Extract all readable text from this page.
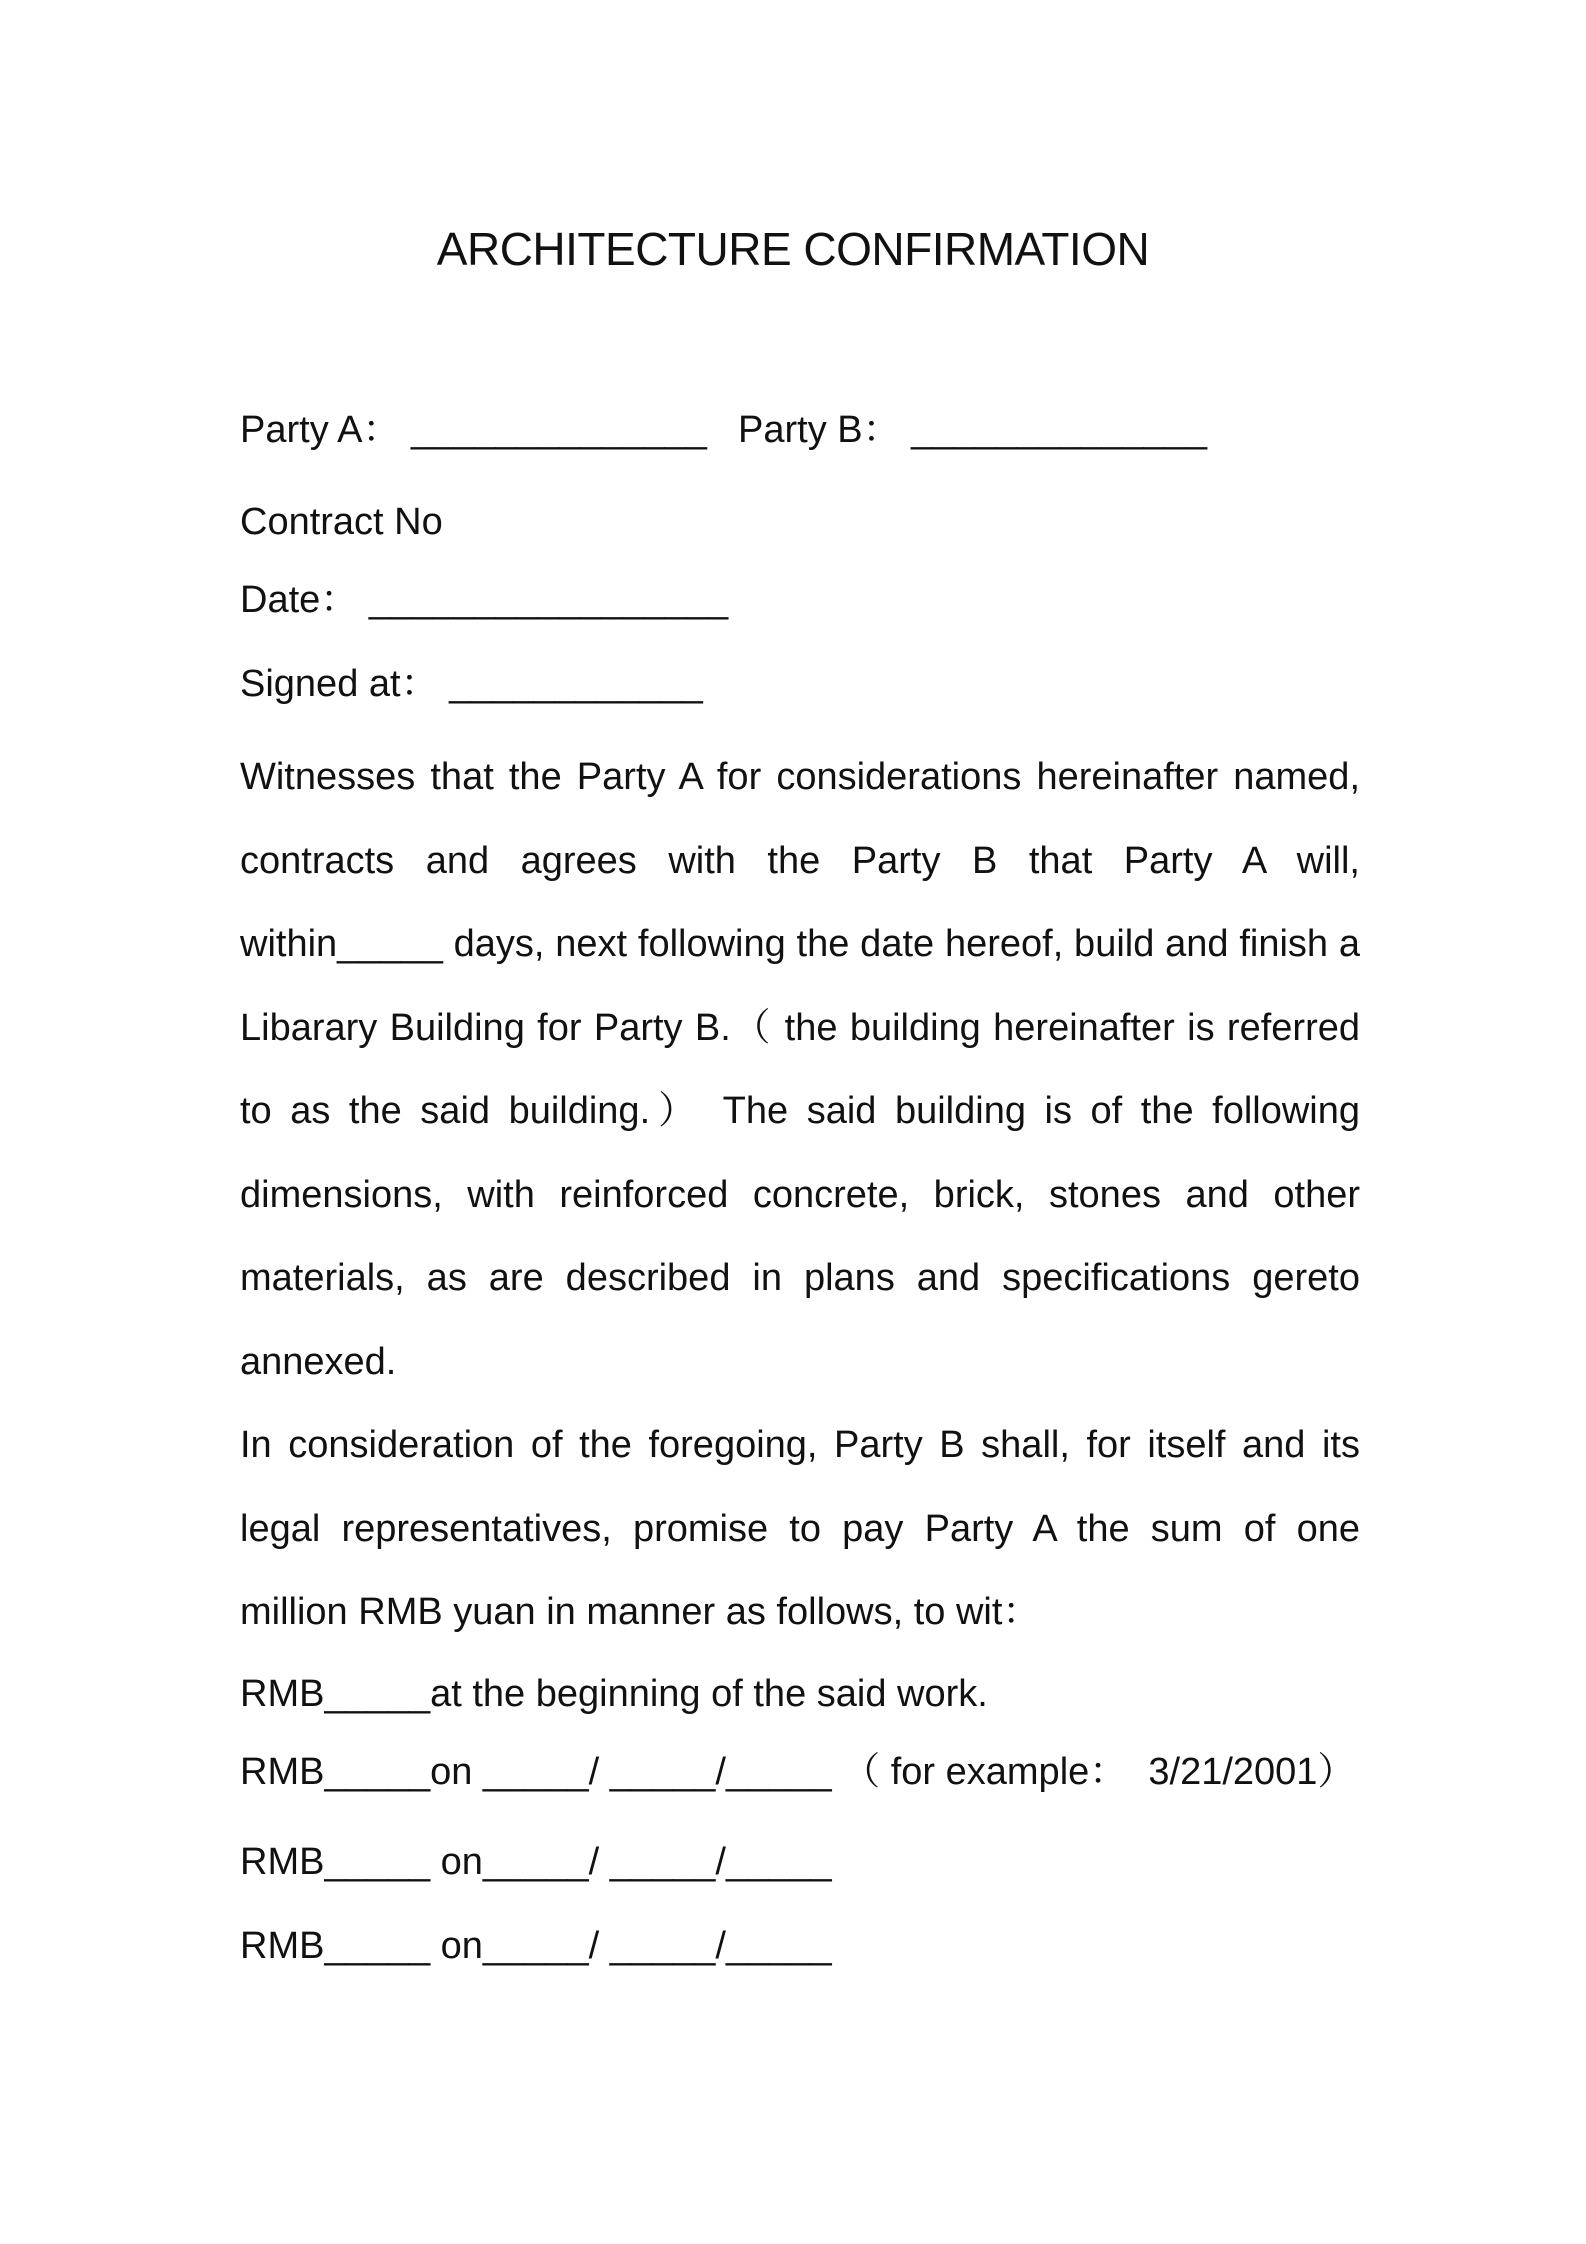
ARCHITECTURE CONFIRMATION
Party A： ______________ Party B： ______________
Contract No
Date： _________________
Signed at： ____________
Witnesses that the Party A for considerations hereinafter named, contracts and agrees with the Party B that Party A will, within_____ days, next following the date hereof, build and finish a Libarary Building for Party B.（ the building hereinafter is referred to as the said building.） The said building is of the following dimensions, with reinforced concrete, brick, stones and other materials, as are described in plans and specifications gereto annexed.
In consideration of the foregoing, Party B shall, for itself and its legal representatives, promise to pay Party A the sum of one million RMB yuan in manner as follows, to wit：
RMB_____at the beginning of the said work.
RMB_____on _____/ _____/_____ （ for example：  3/21/2001）
RMB_____ on_____/ _____/_____
RMB_____ on_____/ _____/_____
